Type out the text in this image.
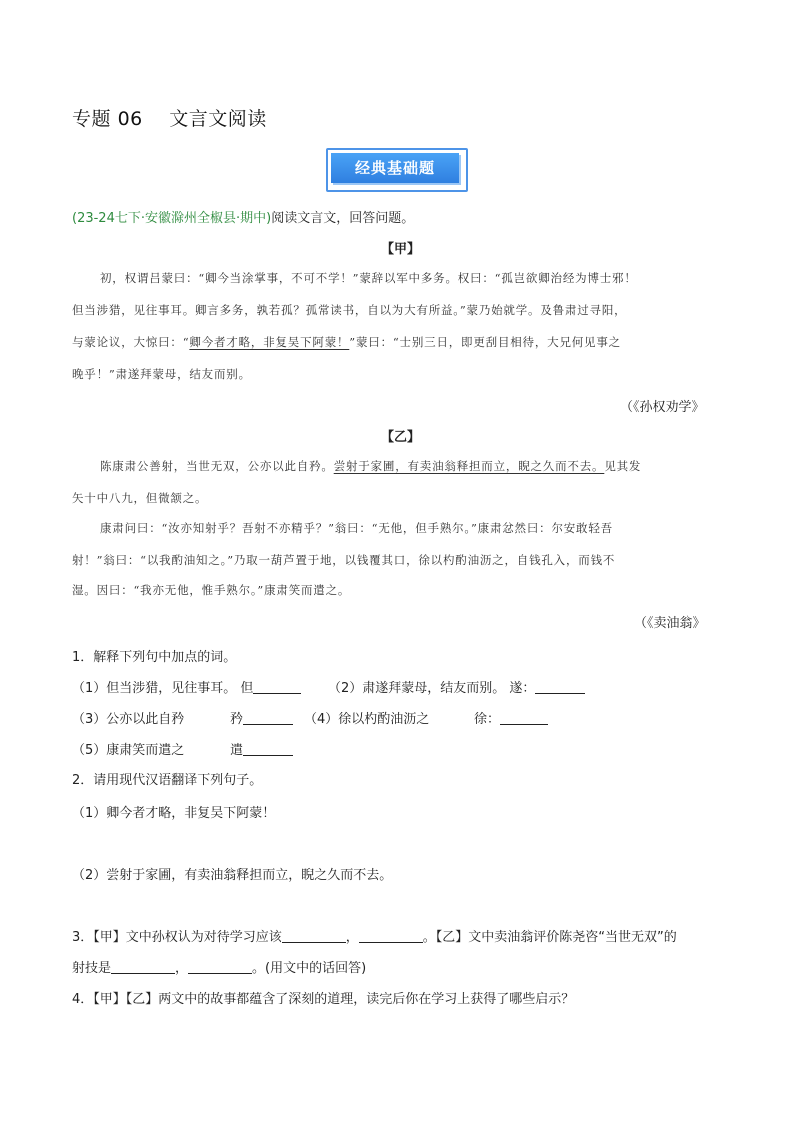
专题 06 文言文阅读
经典基础题
(23-24七下·安徽滁州全椒县·期中)阅读文言文，回答问题。
【甲】
初，权谓吕蒙曰：“卿今当涂掌事，不可不学！”蒙辞以军中多务。权曰：“孤岂欲卿治经为博士邪！
但当涉猎，见往事耳。卿言多务，孰若孤？孤常读书，自以为大有所益。”蒙乃始就学。及鲁肃过寻阳，
与蒙论议，大惊曰：“卿今者才略，非复吴下阿蒙！”蒙曰：“士别三日，即更刮目相待，大兄何见事之
晚乎！”肃遂拜蒙母，结友而别。
（《孙权劝学》
【乙】
陈康肃公善射，当世无双，公亦以此自矜。尝射于家圃，有卖油翁释担而立，睨之久而不去。见其发
矢十中八九，但微颔之。
康肃问曰：“汝亦知射乎？吾射不亦精乎？”翁曰：“无他，但手熟尔。”康肃忿然曰：尔安敢轻吾
射！”翁曰：“以我酌油知之。”乃取一葫芦置于地，以钱覆其口，徐以杓酌油沥之，自钱孔入，而钱不
湿。因曰：“我亦无他，惟手熟尔。”康肃笑而遣之。
（《卖油翁》
1．解释下列句中加点的词。
（1）但当涉猎，见往事耳。 但	（2）肃遂拜蒙母，结友而别。 遂：
（3）公亦以此自矜	矜	（4）徐以杓酌油沥之	徐：
（5）康肃笑而遣之	遣
2．请用现代汉语翻译下列句子。
（1）卿今者才略，非复吴下阿蒙！
（2）尝射于家圃，有卖油翁释担而立，睨之久而不去。
3．【甲】文中孙权认为对待学习应该	，	。【乙】文中卖油翁评价陈尧咨“当世无双”的
射技是	，	。(用文中的话回答)
4．【甲】【乙】两文中的故事都蕴含了深刻的道理，读完后你在学习上获得了哪些启示？
